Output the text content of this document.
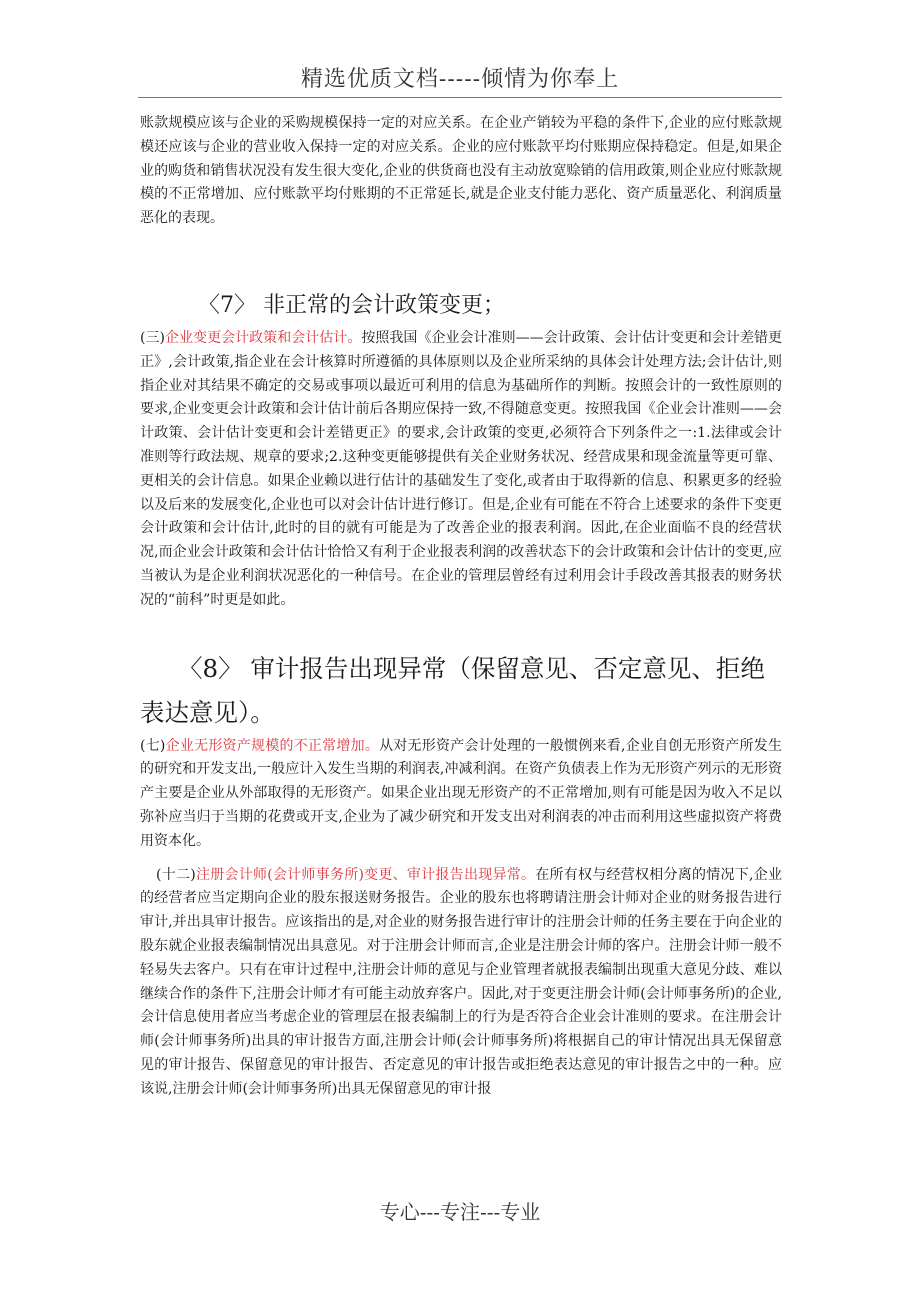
精选优质文档-----倾情为你奉上

账款规模应该与企业的采购规模保持一定的对应关系。在企业产销较为平稳的条件下,企业的应付账款规模还应该与企业的营业收入保持一定的对应关系。企业的应付账款平均付账期应保持稳定。但是,如果企业的购货和销售状况没有发生很大变化,企业的供货商也没有主动放宽赊销的信用政策,则企业应付账款规模的不正常增加、应付账款平均付账期的不正常延长,就是企业支付能力恶化、资产质量恶化、利润质量恶化的表现。

〈7〉 非正常的会计政策变更；

(三)企业变更会计政策和会计估计。按照我国《企业会计准则——会计政策、会计估计变更和会计差错更正》,会计政策,指企业在会计核算时所遵循的具体原则以及企业所采纳的具体会计处理方法;会计估计,则指企业对其结果不确定的交易或事项以最近可利用的信息为基础所作的判断。按照会计的一致性原则的要求,企业变更会计政策和会计估计前后各期应保持一致,不得随意变更。按照我国《企业会计准则——会计政策、会计估计变更和会计差错更正》的要求,会计政策的变更,必须符合下列条件之一:1.法律或会计准则等行政法规、规章的要求;2.这种变更能够提供有关企业财务状况、经营成果和现金流量等更可靠、更相关的会计信息。如果企业赖以进行估计的基础发生了变化,或者由于取得新的信息、积累更多的经验以及后来的发展变化,企业也可以对会计估计进行修订。但是,企业有可能在不符合上述要求的条件下变更会计政策和会计估计,此时的目的就有可能是为了改善企业的报表利润。因此,在企业面临不良的经营状况,而企业会计政策和会计估计恰恰又有利于企业报表利润的改善状态下的会计政策和会计估计的变更,应当被认为是企业利润状况恶化的一种信号。在企业的管理层曾经有过利用会计手段改善其报表的财务状况的“前科”时更是如此。

〈8〉 审计报告出现异常（保留意见、否定意见、拒绝表达意见）。

(七)企业无形资产规模的不正常增加。从对无形资产会计处理的一般惯例来看,企业自创无形资产所发生的研究和开发支出,一般应计入发生当期的利润表,冲减利润。在资产负债表上作为无形资产列示的无形资产主要是企业从外部取得的无形资产。如果企业出现无形资产的不正常增加,则有可能是因为收入不足以弥补应当归于当期的花费或开支,企业为了减少研究和开发支出对利润表的冲击而利用这些虚拟资产将费用资本化。

(十二)注册会计师(会计师事务所)变更、审计报告出现异常。在所有权与经营权相分离的情况下,企业的经营者应当定期向企业的股东报送财务报告。企业的股东也将聘请注册会计师对企业的财务报告进行审计,并出具审计报告。应该指出的是,对企业的财务报告进行审计的注册会计师的任务主要在于向企业的股东就企业报表编制情况出具意见。对于注册会计师而言,企业是注册会计师的客户。注册会计师一般不轻易失去客户。只有在审计过程中,注册会计师的意见与企业管理者就报表编制出现重大意见分歧、难以继续合作的条件下,注册会计师才有可能主动放弃客户。因此,对于变更注册会计师(会计师事务所)的企业,会计信息使用者应当考虑企业的管理层在报表编制上的行为是否符合企业会计准则的要求。在注册会计师(会计师事务所)出具的审计报告方面,注册会计师(会计师事务所)将根据自己的审计情况出具无保留意见的审计报告、保留意见的审计报告、否定意见的审计报告或拒绝表达意见的审计报告之中的一种。应该说,注册会计师(会计师事务所)出具无保留意见的审计报

专心---专注---专业
